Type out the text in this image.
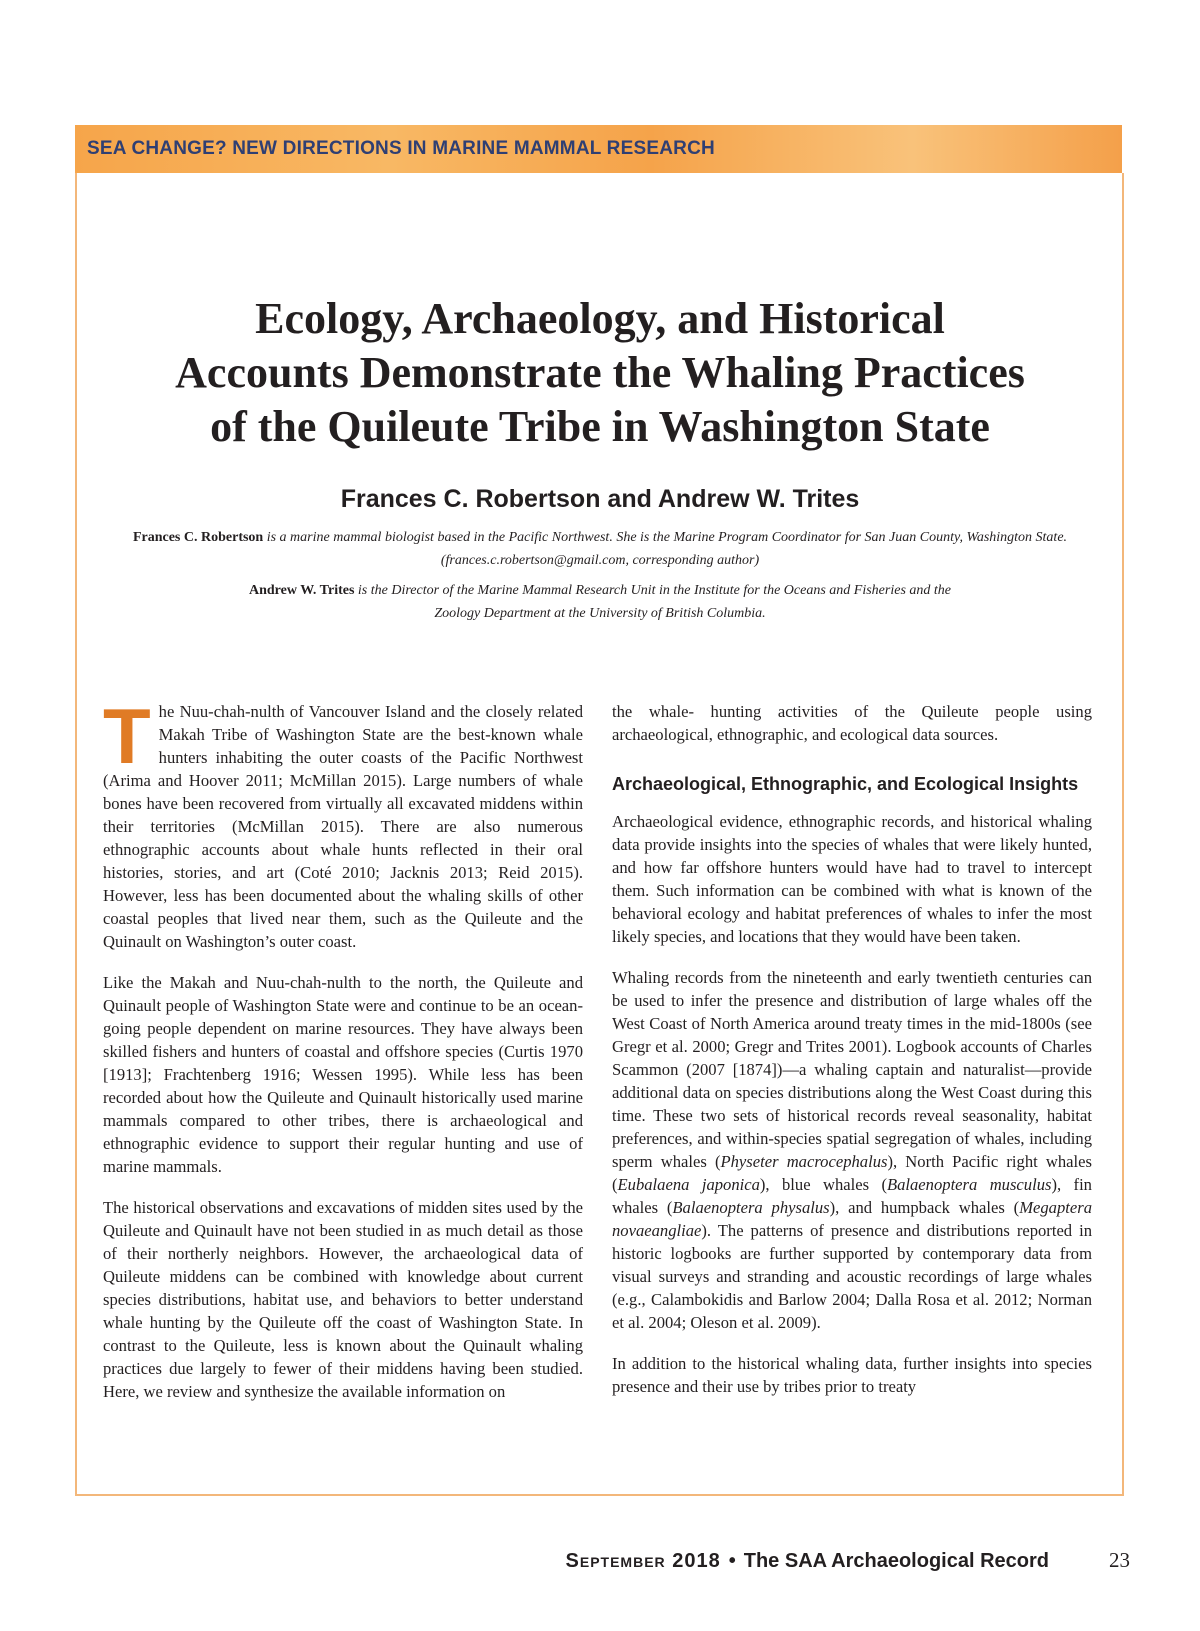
SEA CHANGE? NEW DIRECTIONS IN MARINE MAMMAL RESEARCH
Ecology, Archaeology, and Historical
Accounts Demonstrate the Whaling Practices
of the Quileute Tribe in Washington State

Frances C. Robertson and Andrew W. Trites

Frances C. Robertson is a marine mammal biologist based in the Pacific Northwest. She is the Marine Program Coordinator for San Juan County, Washington State. (frances.c.robertson@gmail.com, corresponding author)

Andrew W. Trites is the Director of the Marine Mammal Research Unit in the Institute for the Oceans and Fisheries and the Zoology Department at the University of British Columbia.

The Nuu-chah-nulth of Vancouver Island and the closely related Makah Tribe of Washington State are the best-known whale hunters inhabiting the outer coasts of the Pacific Northwest (Arima and Hoover 2011; McMillan 2015). Large numbers of whale bones have been recovered from virtually all excavated middens within their territories (McMillan 2015). There are also numerous ethnographic accounts about whale hunts reflected in their oral histories, stories, and art (Coté 2010; Jacknis 2013; Reid 2015). However, less has been documented about the whaling skills of other coastal peoples that lived near them, such as the Quileute and the Quinault on Washington’s outer coast.

Like the Makah and Nuu-chah-nulth to the north, the Quileute and Quinault people of Washington State were and continue to be an ocean-going people dependent on marine resources. They have always been skilled fishers and hunters of coastal and offshore species (Curtis 1970 [1913]; Frachtenberg 1916; Wessen 1995). While less has been recorded about how the Quileute and Quinault historically used marine mammals compared to other tribes, there is archaeological and ethnographic evidence to support their regular hunting and use of marine mammals.

The historical observations and excavations of midden sites used by the Quileute and Quinault have not been studied in as much detail as those of their northerly neighbors. However, the archaeological data of Quileute middens can be combined with knowledge about current species distributions, habitat use, and behaviors to better understand whale hunting by the Quileute off the coast of Washington State. In contrast to the Quileute, less is known about the Quinault whaling practices due largely to fewer of their middens having been studied. Here, we review and synthesize the available information on

the whale- hunting activities of the Quileute people using archaeological, ethnographic, and ecological data sources.

Archaeological, Ethnographic, and Ecological Insights

Archaeological evidence, ethnographic records, and historical whaling data provide insights into the species of whales that were likely hunted, and how far offshore hunters would have had to travel to intercept them. Such information can be combined with what is known of the behavioral ecology and habitat preferences of whales to infer the most likely species, and locations that they would have been taken.

Whaling records from the nineteenth and early twentieth centuries can be used to infer the presence and distribution of large whales off the West Coast of North America around treaty times in the mid-1800s (see Gregr et al. 2000; Gregr and Trites 2001). Logbook accounts of Charles Scammon (2007 [1874])—a whaling captain and naturalist—provide additional data on species distributions along the West Coast during this time. These two sets of historical records reveal seasonality, habitat preferences, and within-species spatial segregation of whales, including sperm whales (Physeter macrocephalus), North Pacific right whales (Eubalaena japonica), blue whales (Balaenoptera musculus), fin whales (Balaenoptera physalus), and humpback whales (Megaptera novaeangliae). The patterns of presence and distributions reported in historic logbooks are further supported by contemporary data from visual surveys and stranding and acoustic recordings of large whales (e.g., Calambokidis and Barlow 2004; Dalla Rosa et al. 2012; Norman et al. 2004; Oleson et al. 2009).

In addition to the historical whaling data, further insights into species presence and their use by tribes prior to treaty

September 2018 • The SAA Archaeological Record	23
